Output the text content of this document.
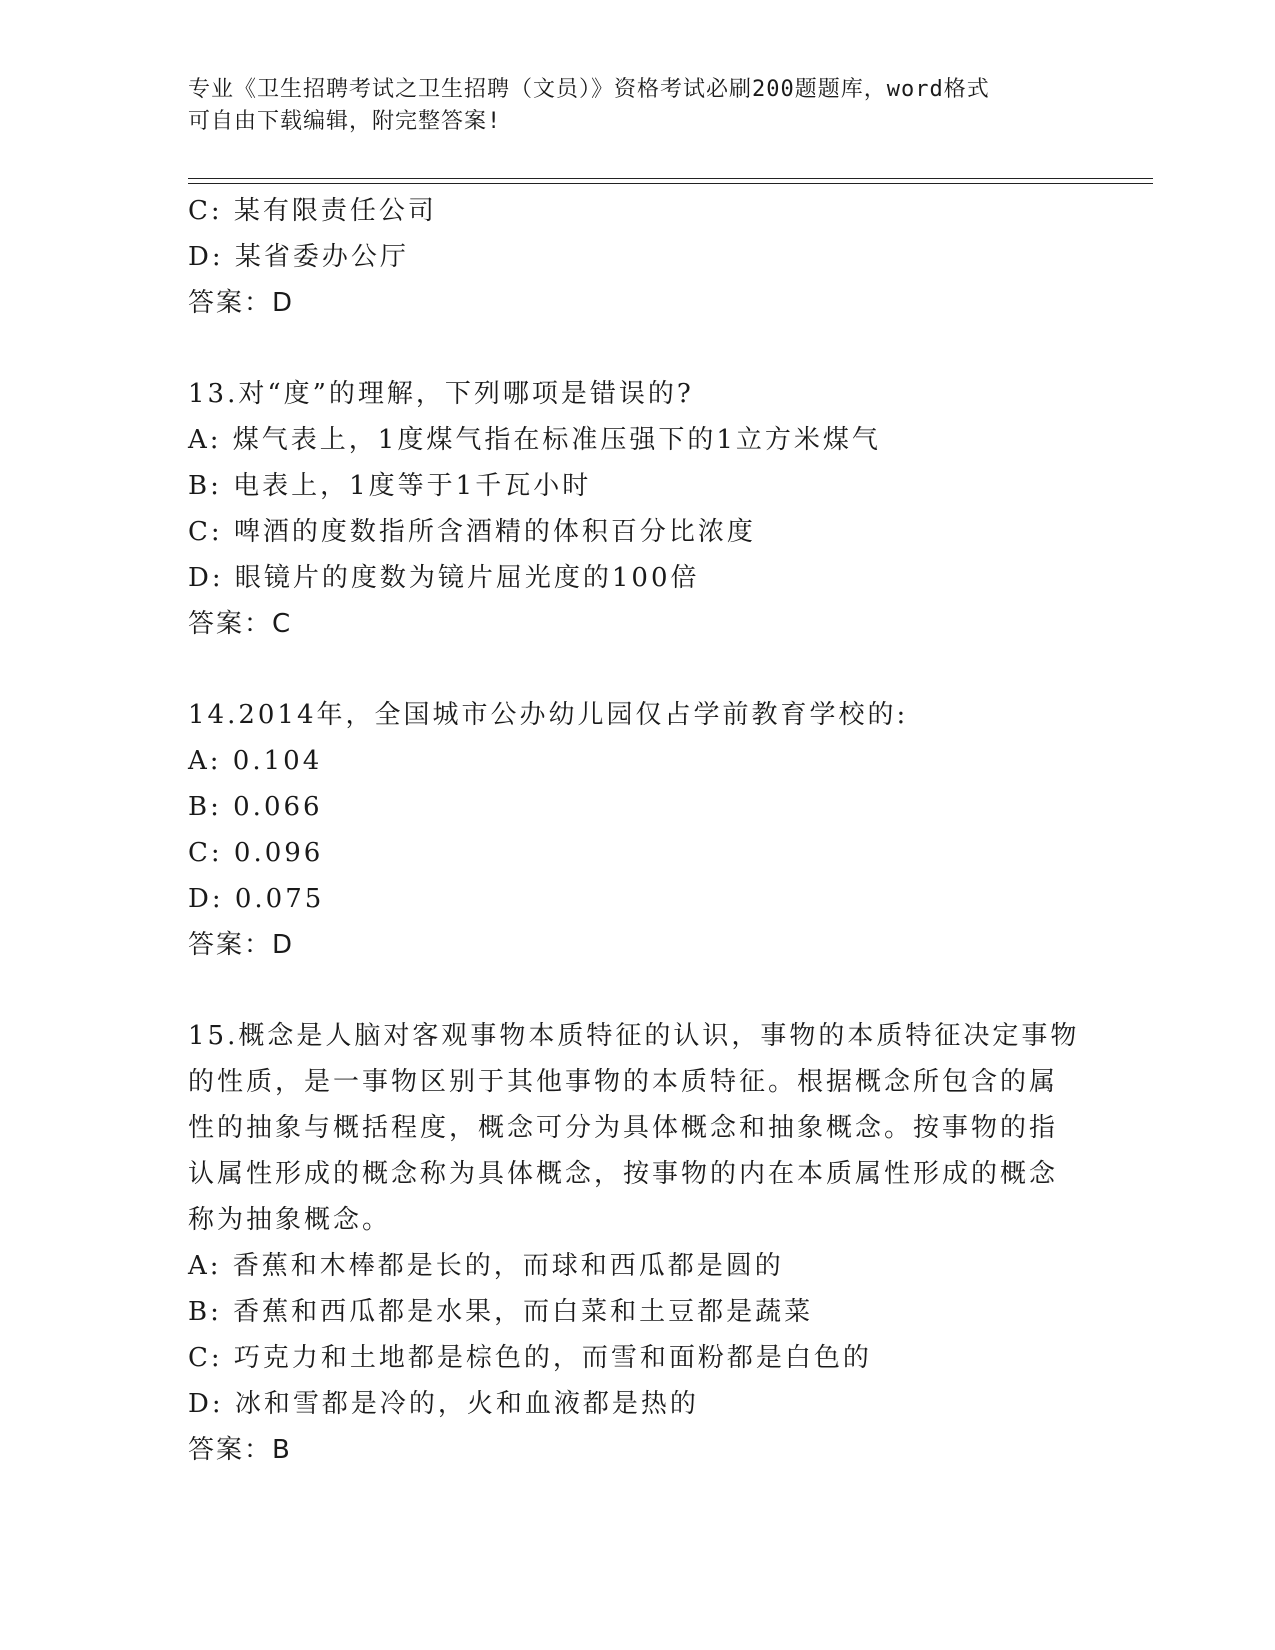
专业《卫生招聘考试之卫生招聘（文员）》资格考试必刷200题题库，word格式
可自由下载编辑，附完整答案!
C: 某有限责任公司
D: 某省委办公厅
答案：D
13.对“度”的理解，下列哪项是错误的?
A: 煤气表上，1度煤气指在标准压强下的1立方米煤气
B: 电表上，1度等于1千瓦小时
C: 啤酒的度数指所含酒精的体积百分比浓度
D: 眼镜片的度数为镜片屈光度的100倍
答案：C
14.2014年，全国城市公办幼儿园仅占学前教育学校的:
A: 0.104
B: 0.066
C: 0.096
D: 0.075
答案：D
15.概念是人脑对客观事物本质特征的认识，事物的本质特征决定事物
的性质，是一事物区别于其他事物的本质特征。根据概念所包含的属
性的抽象与概括程度，概念可分为具体概念和抽象概念。按事物的指
认属性形成的概念称为具体概念，按事物的内在本质属性形成的概念
称为抽象概念。
A: 香蕉和木棒都是长的，而球和西瓜都是圆的
B: 香蕉和西瓜都是水果，而白菜和土豆都是蔬菜
C: 巧克力和土地都是棕色的，而雪和面粉都是白色的
D: 冰和雪都是冷的，火和血液都是热的
答案：B
